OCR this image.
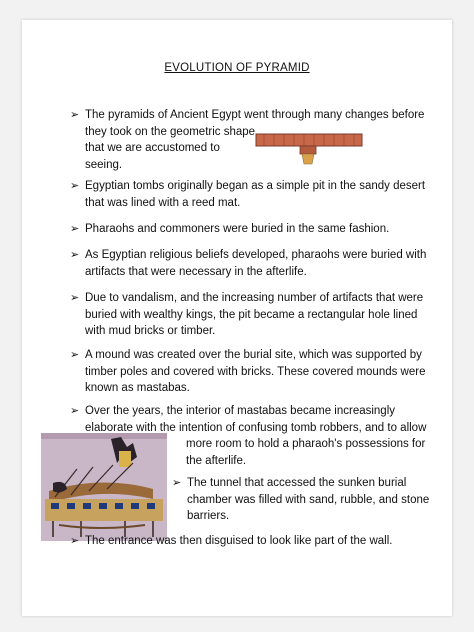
EVOLUTION OF PYRAMID
➢ The pyramids of Ancient Egypt went through many changes before
they took on the geometric shape
that we are accustomed to
seeing.
➢ Egyptian tombs originally began as a simple pit in the sandy desert
that was lined with a reed mat.
➢ Pharaohs and commoners were buried in the same fashion.
➢ As Egyptian religious beliefs developed, pharaohs were buried with
artifacts that were necessary in the afterlife.
➢ Due to vandalism, and the increasing number of artifacts that were
buried with wealthy kings, the pit became a rectangular hole lined
with mud bricks or timber.
➢ A mound was created over the burial site, which was supported by
timber poles and covered with bricks. These covered mounds were
known as mastabas.
➢ Over the years, the interior of mastabas became increasingly
elaborate with the intention of confusing tomb robbers, and to allow
more room to hold a pharaoh's possessions for
the afterlife.
➢ The tunnel that accessed the sunken burial
chamber was filled with sand, rubble, and stone
barriers.
➢ The entrance was then disguised to look like part of the wall.
